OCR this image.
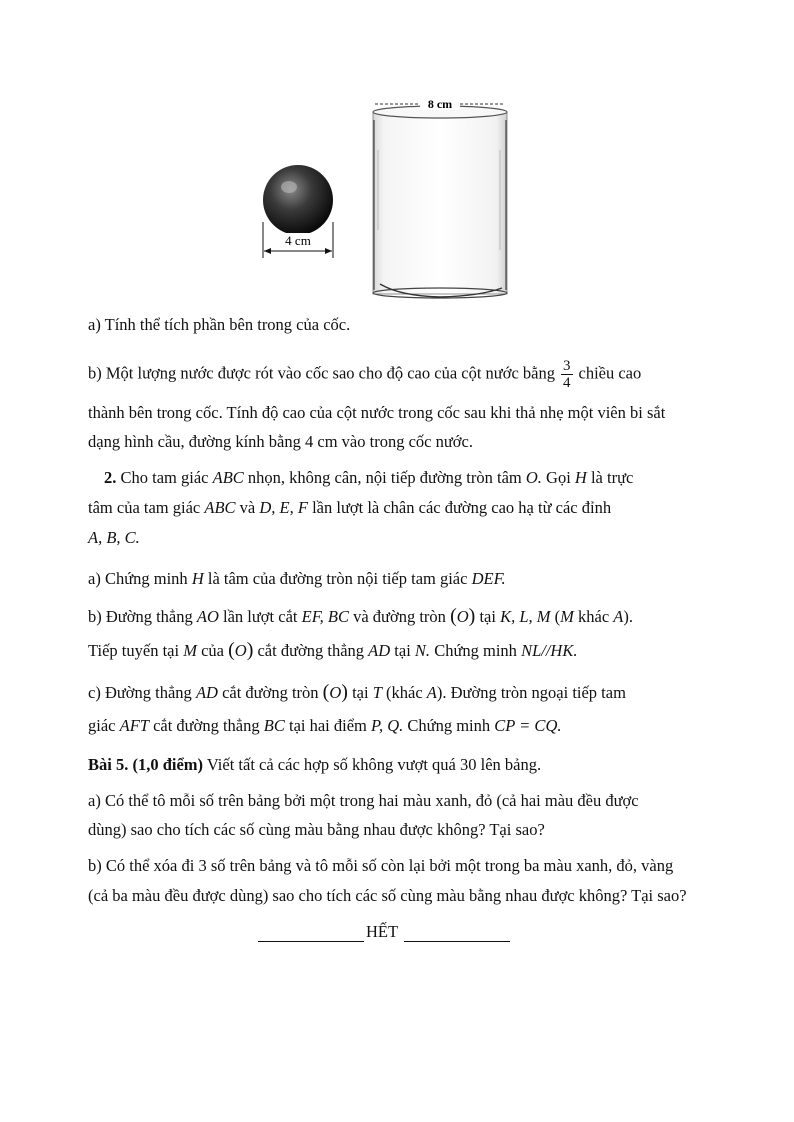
4 cm
8 cm
a) Tính thể tích phần bên trong của cốc.
b) Một lượng nước được rót vào cốc sao cho độ cao của cột nước bằng $\frac{3}{4}$ chiều cao
thành bên trong cốc. Tính độ cao của cột nước trong cốc sau khi thả nhẹ một viên bi sắt
dạng hình cầu, đường kính bằng 4 cm vào trong cốc nước.
2. Cho tam giác ABC nhọn, không cân, nội tiếp đường tròn tâm O. Gọi H là trực
tâm của tam giác ABC và D, E, F lần lượt là chân các đường cao hạ từ các đỉnh
A, B, C.
a) Chứng minh H là tâm của đường tròn nội tiếp tam giác DEF.
b) Đường thẳng AO lần lượt cắt EF, BC và đường tròn (O) tại K, L, M (M khác A).
Tiếp tuyến tại M của (O) cắt đường thẳng AD tại N. Chứng minh NL//HK.
c) Đường thẳng AD cắt đường tròn (O) tại T (khác A). Đường tròn ngoại tiếp tam
giác AFT cắt đường thẳng BC tại hai điểm P, Q. Chứng minh CP = CQ.
Bài 5. (1,0 điểm) Viết tất cả các hợp số không vượt quá 30 lên bảng.
a) Có thể tô mỗi số trên bảng bởi một trong hai màu xanh, đỏ (cả hai màu đều được
dùng) sao cho tích các số cùng màu bằng nhau được không? Tại sao?
b) Có thể xóa đi 3 số trên bảng và tô mỗi số còn lại bởi một trong ba màu xanh, đỏ, vàng
(cả ba màu đều được dùng) sao cho tích các số cùng màu bằng nhau được không? Tại sao?
HẾT
